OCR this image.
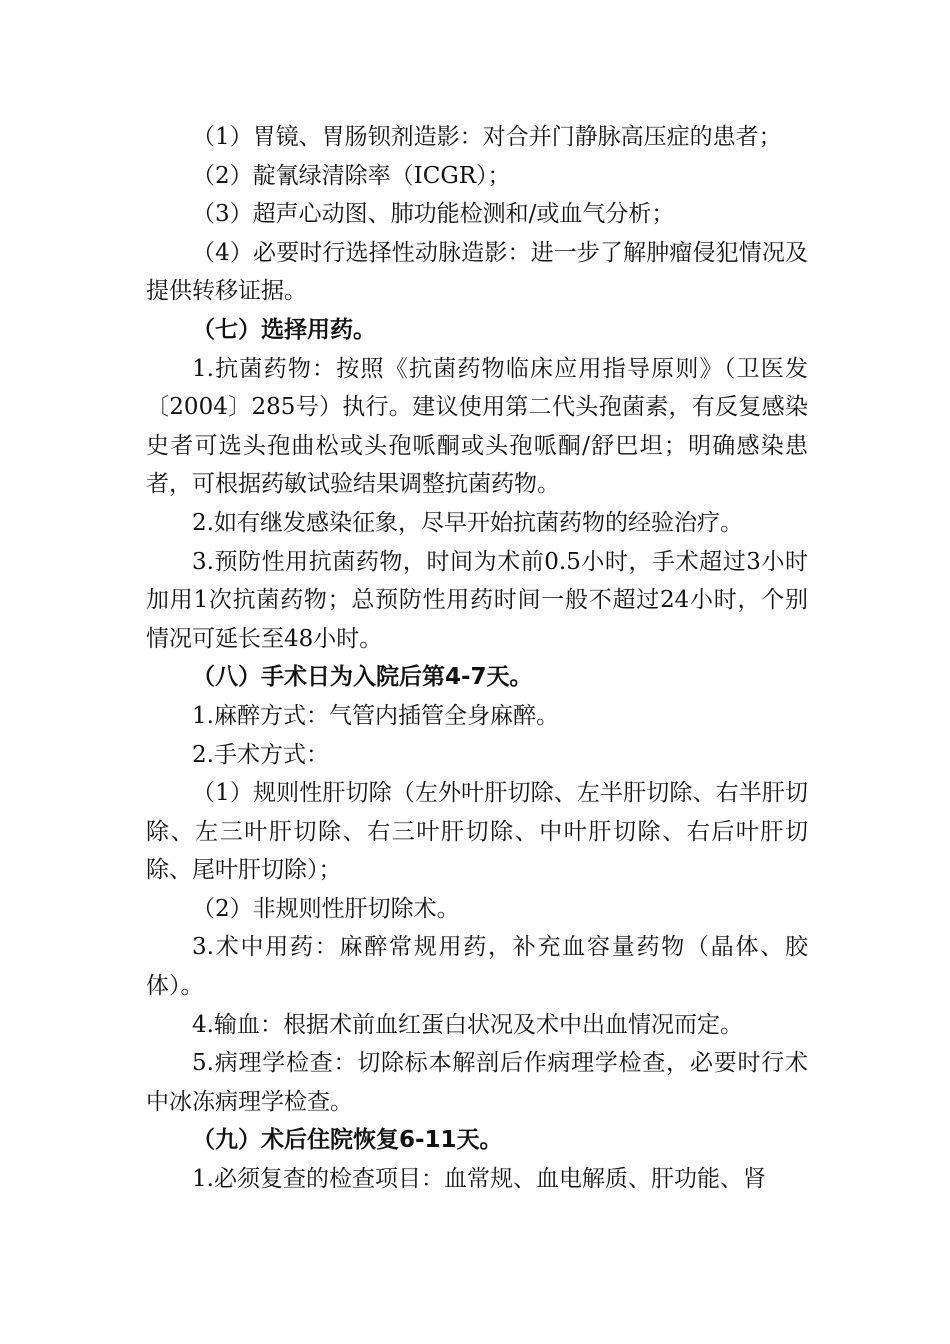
（1）胃镜、胃肠钡剂造影：对合并门静脉高压症的患者；

（2）靛氰绿清除率（ICGR）；

（3）超声心动图、肺功能检测和/或血气分析；

（4）必要时行选择性动脉造影：进一步了解肿瘤侵犯情况及提供转移证据。

（七）选择用药。

1.抗菌药物：按照《抗菌药物临床应用指导原则》（卫医发〔2004〕285号）执行。建议使用第二代头孢菌素，有反复感染史者可选头孢曲松或头孢哌酮或头孢哌酮/舒巴坦；明确感染患者，可根据药敏试验结果调整抗菌药物。

2.如有继发感染征象，尽早开始抗菌药物的经验治疗。

3.预防性用抗菌药物，时间为术前0.5小时，手术超过3小时加用1次抗菌药物；总预防性用药时间一般不超过24小时，个别情况可延长至48小时。

（八）手术日为入院后第4-7天。

1.麻醉方式：气管内插管全身麻醉。

2.手术方式：

（1）规则性肝切除（左外叶肝切除、左半肝切除、右半肝切除、左三叶肝切除、右三叶肝切除、中叶肝切除、右后叶肝切除、尾叶肝切除）；

（2）非规则性肝切除术。

3.术中用药：麻醉常规用药，补充血容量药物（晶体、胶体）。

4.输血：根据术前血红蛋白状况及术中出血情况而定。

5.病理学检查：切除标本解剖后作病理学检查，必要时行术中冰冻病理学检查。

（九）术后住院恢复6-11天。

1.必须复查的检查项目：血常规、血电解质、肝功能、肾
